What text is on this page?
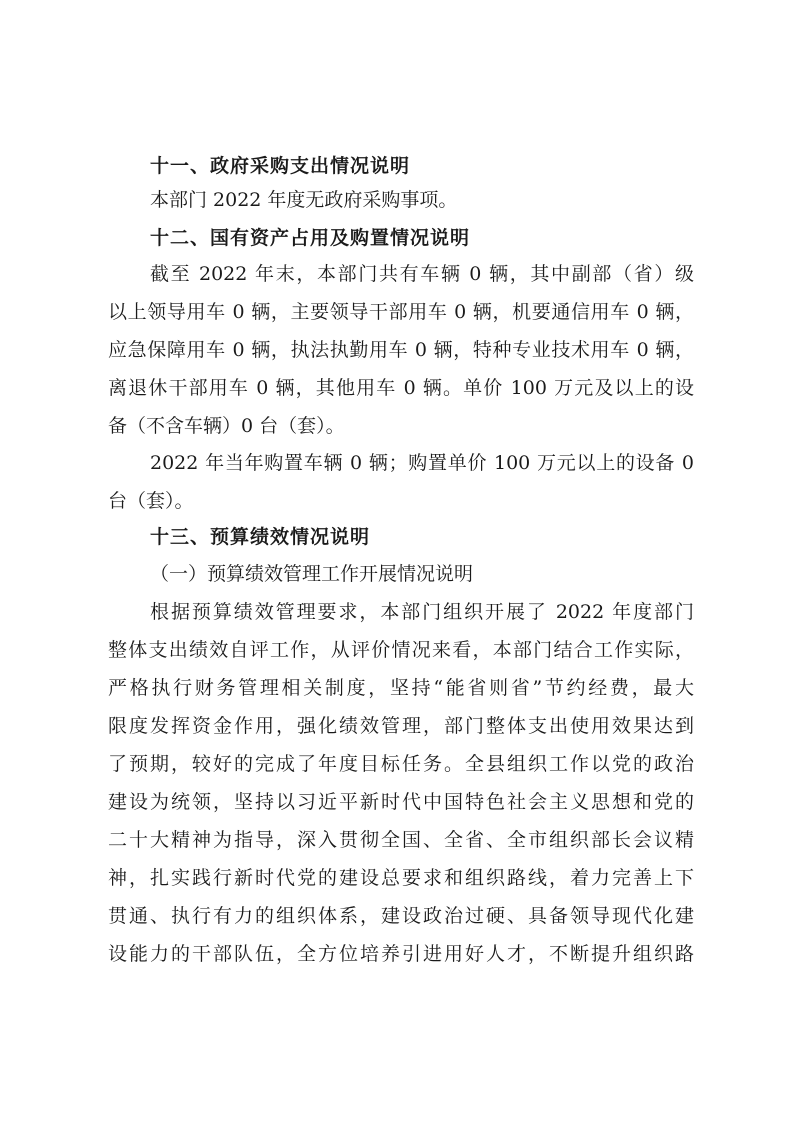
十一、政府采购支出情况说明
本部门 2022 年度无政府采购事项。
十二、国有资产占用及购置情况说明
截至 2022 年末，本部门共有车辆 0 辆，其中副部（省）级
以上领导用车 0 辆，主要领导干部用车 0 辆，机要通信用车 0 辆，
应急保障用车 0 辆，执法执勤用车 0 辆，特种专业技术用车 0 辆，
离退休干部用车 0 辆，其他用车 0 辆。单价 100 万元及以上的设
备（不含车辆）0 台（套）。
2022 年当年购置车辆 0 辆；购置单价 100 万元以上的设备 0
台（套）。
十三、预算绩效情况说明
（一）预算绩效管理工作开展情况说明
根据预算绩效管理要求，本部门组织开展了 2022 年度部门
整体支出绩效自评工作，从评价情况来看，本部门结合工作实际，
严格执行财务管理相关制度，坚持“能省则省”节约经费，最大
限度发挥资金作用，强化绩效管理，部门整体支出使用效果达到
了预期，较好的完成了年度目标任务。全县组织工作以党的政治
建设为统领，坚持以习近平新时代中国特色社会主义思想和党的
二十大精神为指导，深入贯彻全国、全省、全市组织部长会议精
神，扎实践行新时代党的建设总要求和组织路线，着力完善上下
贯通、执行有力的组织体系，建设政治过硬、具备领导现代化建
设能力的干部队伍，全方位培养引进用好人才，不断提升组织路
